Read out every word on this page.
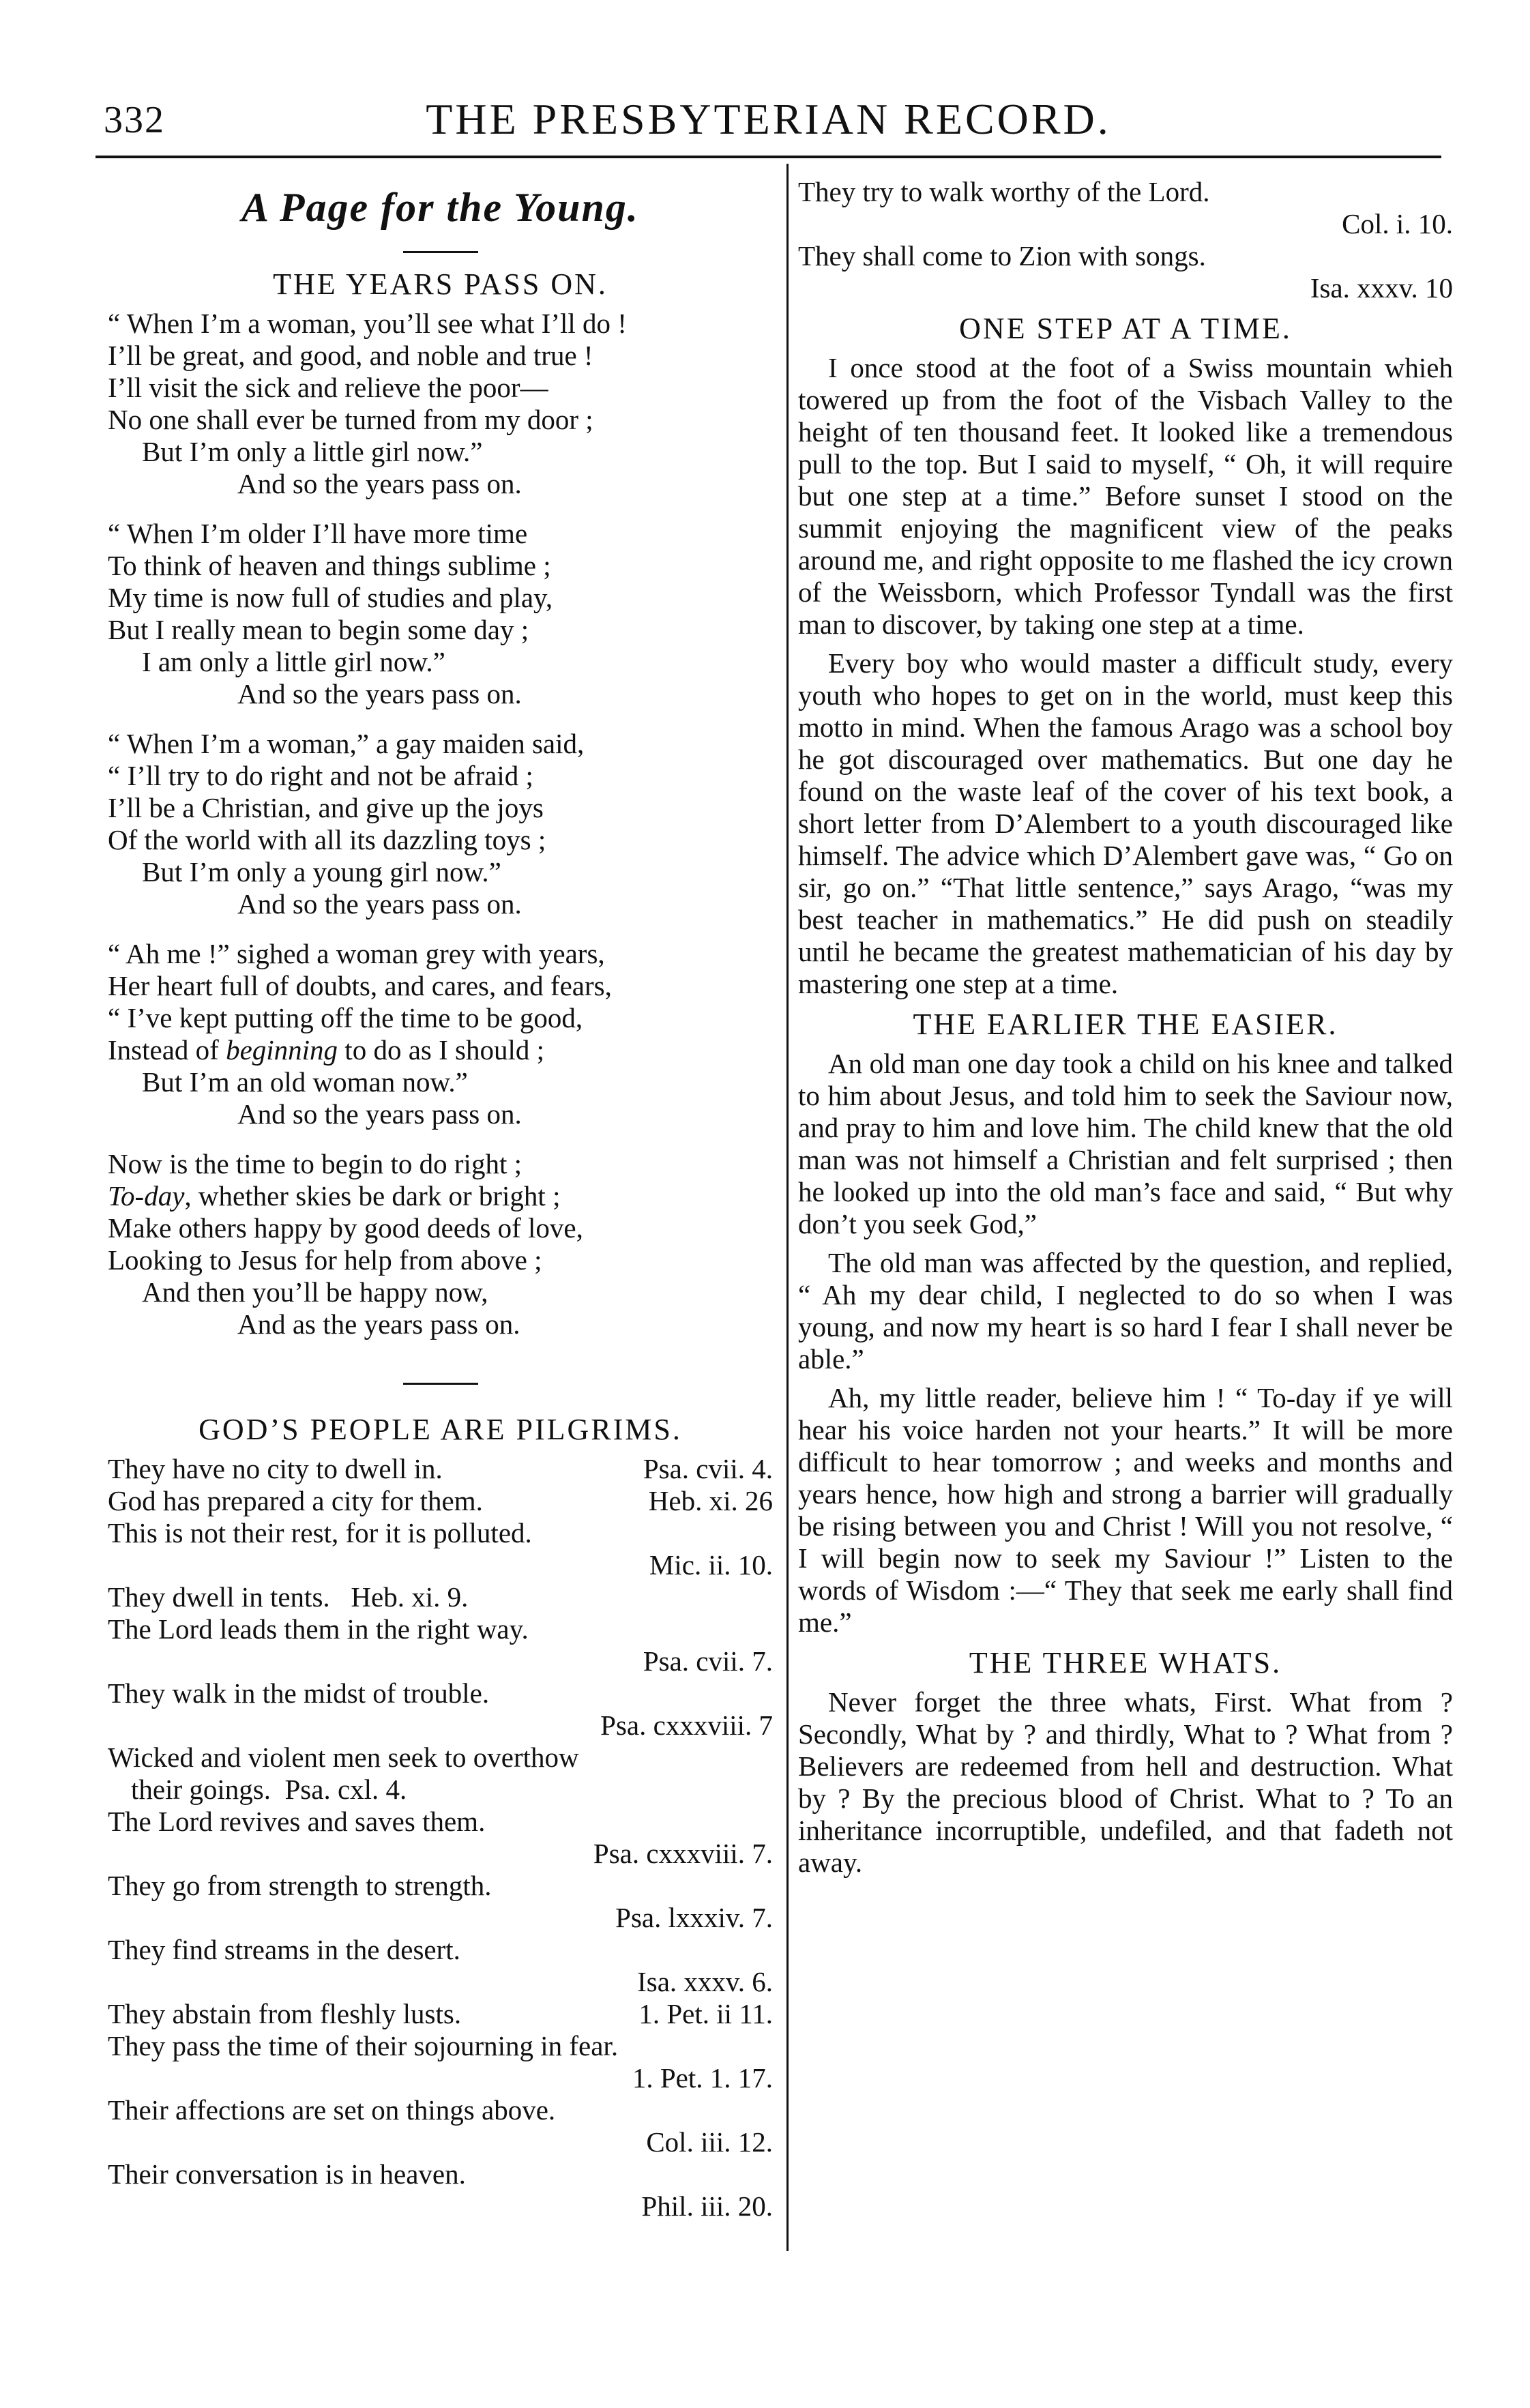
332	THE PRESBYTERIAN RECORD.
A Page for the Young.
THE YEARS PASS ON.
“ When I’m a woman, you’ll see what I’ll do !
I’ll be great, and good, and noble and true !
I’ll visit the sick and relieve the poor—
No one shall ever be turned from my door ;
But I’m only a little girl now.”
And so the years pass on.
“ When I’m older I’ll have more time
To think of heaven and things sublime ;
My time is now full of studies and play,
But I really mean to begin some day ;
I am only a little girl now.”
And so the years pass on.
“ When I’m a woman,” a gay maiden said,
“ I’ll try to do right and not be afraid ;
I’ll be a Christian, and give up the joys
Of the world with all its dazzling toys ;
But I’m only a young girl now.”
And so the years pass on.
“ Ah me !” sighed a woman grey with years,
Her heart full of doubts, and cares, and fears,
“ I’ve kept putting off the time to be good,
Instead of beginning to do as I should ;
But I’m an old woman now.”
And so the years pass on.
Now is the time to begin to do right ;
To-day, whether skies be dark or bright ;
Make others happy by good deeds of love,
Looking to Jesus for help from above ;
And then you’ll be happy now,
And as the years pass on.
GOD’S PEOPLE ARE PILGRIMS.
They have no city to dwell in.	Psa. cvii. 4.
God has prepared a city for them.	Heb. xi. 26
This is not their rest, for it is polluted.
Mic. ii. 10.
They dwell in tents. Heb. xi. 9.
The Lord leads them in the right way.
Psa. cvii. 7.
They walk in the midst of trouble.
Psa. cxxxviii. 7
Wicked and violent men seek to overthow
their goings. Psa. cxl. 4.
The Lord revives and saves them.
Psa. cxxxviii. 7.
They go from strength to strength.
Psa. lxxxiv. 7.
They find streams in the desert.
Isa. xxxv. 6.
They abstain from fleshly lusts.	1. Pet. ii 11.
They pass the time of their sojourning in fear.
1. Pet. 1. 17.
Their affections are set on things above.
Col. iii. 12.
Their conversation is in heaven.
Phil. iii. 20.
They try to walk worthy of the Lord.
Col. i. 10.
They shall come to Zion with songs.
Isa. xxxv. 10
ONE STEP AT A TIME.

I once stood at the foot of a Swiss mountain whieh towered up from the foot of the Visbach Valley to the height of ten thousand feet. It looked like a tremendous pull to the top. But I said to myself, “ Oh, it will require but one step at a time.” Before sunset I stood on the summit enjoying the magnificent view of the peaks around me, and right opposite to me flashed the icy crown of the Weissborn, which Professor Tyndall was the first man to discover, by taking one step at a time.

Every boy who would master a difficult study, every youth who hopes to get on in the world, must keep this motto in mind. When the famous Arago was a school boy he got discouraged over mathematics. But one day he found on the waste leaf of the cover of his text book, a short letter from D’Alembert to a youth discouraged like himself. The advice which D’Alembert gave was, “ Go on sir, go on.” “That little sentence,” says Arago, “was my best teacher in mathematics.” He did push on steadily until he became the greatest mathematician of his day by mastering one step at a time.

THE EARLIER THE EASIER.

An old man one day took a child on his knee and talked to him about Jesus, and told him to seek the Saviour now, and pray to him and love him. The child knew that the old man was not himself a Christian and felt surprised ; then he looked up into the old man’s face and said, “ But why don’t you seek God,”

The old man was affected by the question, and replied, “ Ah my dear child, I neglected to do so when I was young, and now my heart is so hard I fear I shall never be able.”

Ah, my little reader, believe him ! “ To-day if ye will hear his voice harden not your hearts.” It will be more difficult to hear tomorrow ; and weeks and months and years hence, how high and strong a barrier will gradually be rising between you and Christ ! Will you not resolve, “ I will begin now to seek my Saviour !” Listen to the words of Wisdom :—“ They that seek me early shall find me.”

THE THREE WHATS.

Never forget the three whats, First. What from ? Secondly, What by ? and thirdly, What to ? What from ? Believers are redeemed from hell and destruction. What by ? By the precious blood of Christ. What to ? To an inheritance incorruptible, undefiled, and that fadeth not away.
